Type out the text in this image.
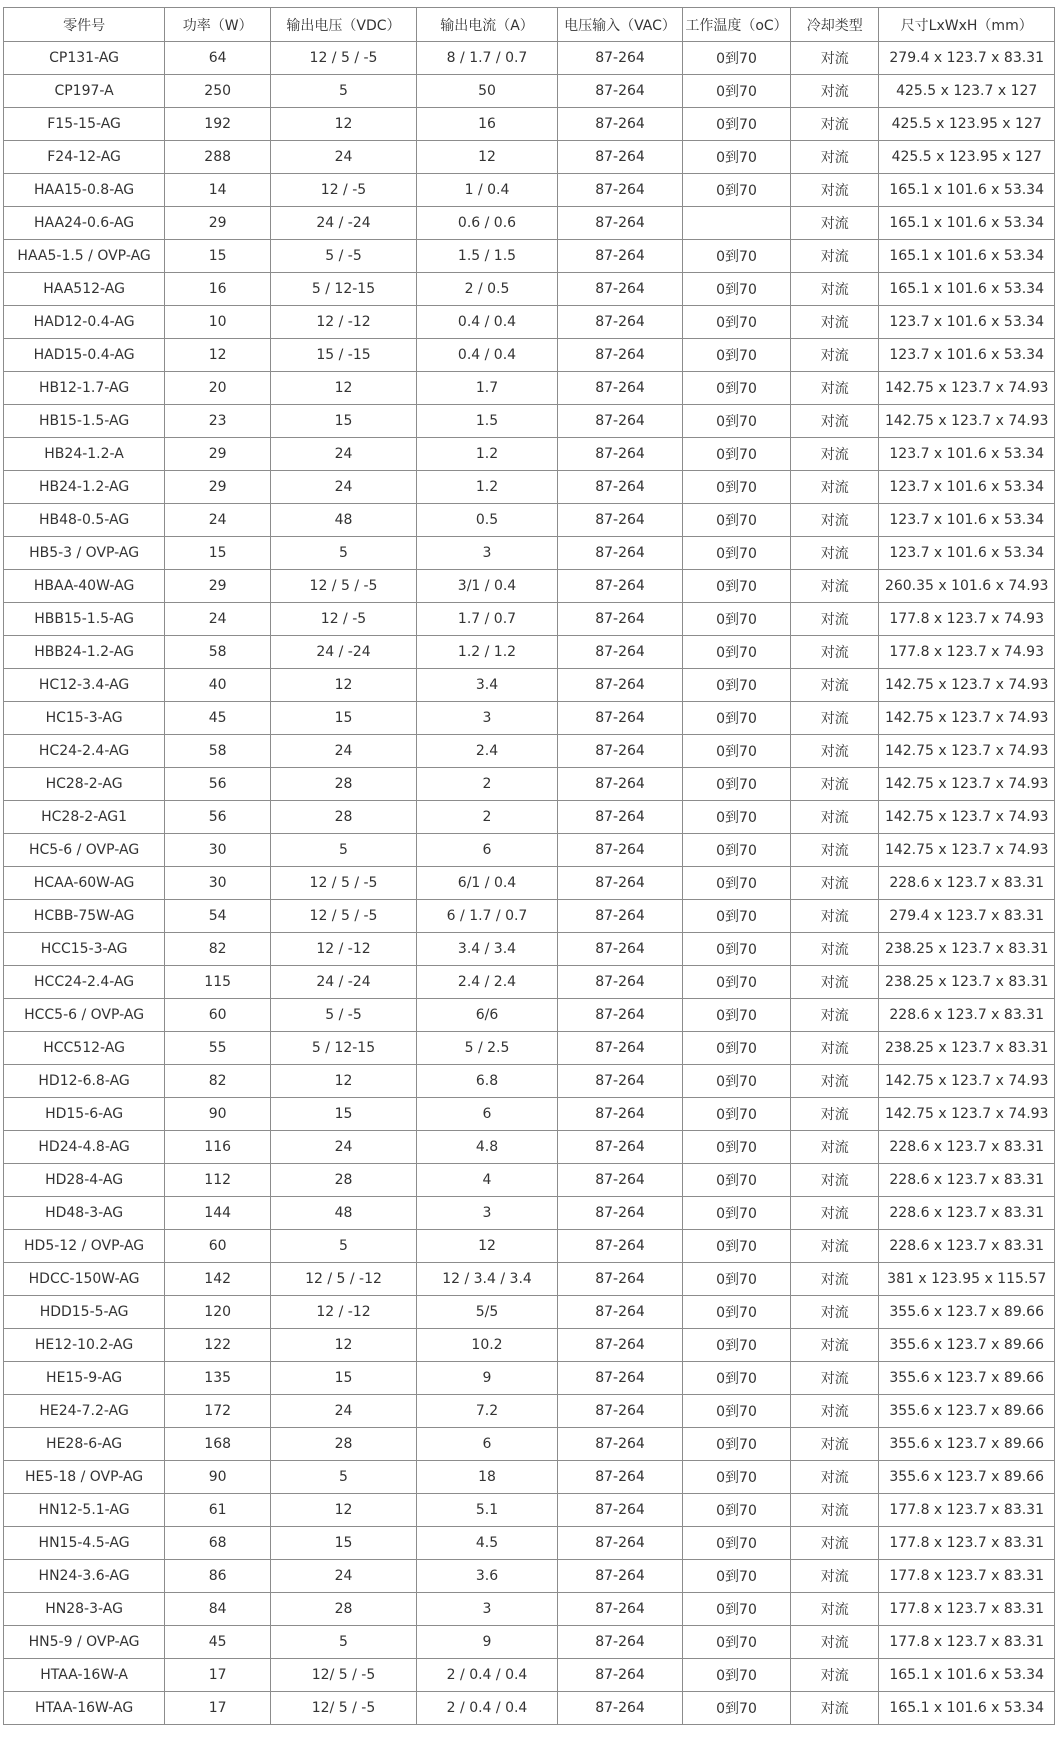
零件号	功率（W）	输出电压（VDC）	输出电流（A）	电压输入（VAC）	工作温度（oC）	冷却类型	尺寸LxWxH（mm）
CP131-AG	64	12 / 5 / -5	8 / 1.7 / 0.7	87-264	0到70	对流	279.4 x 123.7 x 83.31
CP197-A	250	5	50	87-264	0到70	对流	425.5 x 123.7 x 127
F15-15-AG	192	12	16	87-264	0到70	对流	425.5 x 123.95 x 127
F24-12-AG	288	24	12	87-264	0到70	对流	425.5 x 123.95 x 127
HAA15-0.8-AG	14	12 / -5	1 / 0.4	87-264	0到70	对流	165.1 x 101.6 x 53.34
HAA24-0.6-AG	29	24 / -24	0.6 / 0.6	87-264		对流	165.1 x 101.6 x 53.34
HAA5-1.5 / OVP-AG	15	5 / -5	1.5 / 1.5	87-264	0到70	对流	165.1 x 101.6 x 53.34
HAA512-AG	16	5 / 12-15	2 / 0.5	87-264	0到70	对流	165.1 x 101.6 x 53.34
HAD12-0.4-AG	10	12 / -12	0.4 / 0.4	87-264	0到70	对流	123.7 x 101.6 x 53.34
HAD15-0.4-AG	12	15 / -15	0.4 / 0.4	87-264	0到70	对流	123.7 x 101.6 x 53.34
HB12-1.7-AG	20	12	1.7	87-264	0到70	对流	142.75 x 123.7 x 74.93
HB15-1.5-AG	23	15	1.5	87-264	0到70	对流	142.75 x 123.7 x 74.93
HB24-1.2-A	29	24	1.2	87-264	0到70	对流	123.7 x 101.6 x 53.34
HB24-1.2-AG	29	24	1.2	87-264	0到70	对流	123.7 x 101.6 x 53.34
HB48-0.5-AG	24	48	0.5	87-264	0到70	对流	123.7 x 101.6 x 53.34
HB5-3 / OVP-AG	15	5	3	87-264	0到70	对流	123.7 x 101.6 x 53.34
HBAA-40W-AG	29	12 / 5 / -5	3/1 / 0.4	87-264	0到70	对流	260.35 x 101.6 x 74.93
HBB15-1.5-AG	24	12 / -5	1.7 / 0.7	87-264	0到70	对流	177.8 x 123.7 x 74.93
HBB24-1.2-AG	58	24 / -24	1.2 / 1.2	87-264	0到70	对流	177.8 x 123.7 x 74.93
HC12-3.4-AG	40	12	3.4	87-264	0到70	对流	142.75 x 123.7 x 74.93
HC15-3-AG	45	15	3	87-264	0到70	对流	142.75 x 123.7 x 74.93
HC24-2.4-AG	58	24	2.4	87-264	0到70	对流	142.75 x 123.7 x 74.93
HC28-2-AG	56	28	2	87-264	0到70	对流	142.75 x 123.7 x 74.93
HC28-2-AG1	56	28	2	87-264	0到70	对流	142.75 x 123.7 x 74.93
HC5-6 / OVP-AG	30	5	6	87-264	0到70	对流	142.75 x 123.7 x 74.93
HCAA-60W-AG	30	12 / 5 / -5	6/1 / 0.4	87-264	0到70	对流	228.6 x 123.7 x 83.31
HCBB-75W-AG	54	12 / 5 / -5	6 / 1.7 / 0.7	87-264	0到70	对流	279.4 x 123.7 x 83.31
HCC15-3-AG	82	12 / -12	3.4 / 3.4	87-264	0到70	对流	238.25 x 123.7 x 83.31
HCC24-2.4-AG	115	24 / -24	2.4 / 2.4	87-264	0到70	对流	238.25 x 123.7 x 83.31
HCC5-6 / OVP-AG	60	5 / -5	6/6	87-264	0到70	对流	228.6 x 123.7 x 83.31
HCC512-AG	55	5 / 12-15	5 / 2.5	87-264	0到70	对流	238.25 x 123.7 x 83.31
HD12-6.8-AG	82	12	6.8	87-264	0到70	对流	142.75 x 123.7 x 74.93
HD15-6-AG	90	15	6	87-264	0到70	对流	142.75 x 123.7 x 74.93
HD24-4.8-AG	116	24	4.8	87-264	0到70	对流	228.6 x 123.7 x 83.31
HD28-4-AG	112	28	4	87-264	0到70	对流	228.6 x 123.7 x 83.31
HD48-3-AG	144	48	3	87-264	0到70	对流	228.6 x 123.7 x 83.31
HD5-12 / OVP-AG	60	5	12	87-264	0到70	对流	228.6 x 123.7 x 83.31
HDCC-150W-AG	142	12 / 5 / -12	12 / 3.4 / 3.4	87-264	0到70	对流	381 x 123.95 x 115.57
HDD15-5-AG	120	12 / -12	5/5	87-264	0到70	对流	355.6 x 123.7 x 89.66
HE12-10.2-AG	122	12	10.2	87-264	0到70	对流	355.6 x 123.7 x 89.66
HE15-9-AG	135	15	9	87-264	0到70	对流	355.6 x 123.7 x 89.66
HE24-7.2-AG	172	24	7.2	87-264	0到70	对流	355.6 x 123.7 x 89.66
HE28-6-AG	168	28	6	87-264	0到70	对流	355.6 x 123.7 x 89.66
HE5-18 / OVP-AG	90	5	18	87-264	0到70	对流	355.6 x 123.7 x 89.66
HN12-5.1-AG	61	12	5.1	87-264	0到70	对流	177.8 x 123.7 x 83.31
HN15-4.5-AG	68	15	4.5	87-264	0到70	对流	177.8 x 123.7 x 83.31
HN24-3.6-AG	86	24	3.6	87-264	0到70	对流	177.8 x 123.7 x 83.31
HN28-3-AG	84	28	3	87-264	0到70	对流	177.8 x 123.7 x 83.31
HN5-9 / OVP-AG	45	5	9	87-264	0到70	对流	177.8 x 123.7 x 83.31
HTAA-16W-A	17	12/ 5 / -5	2 / 0.4 / 0.4	87-264	0到70	对流	165.1 x 101.6 x 53.34
HTAA-16W-AG	17	12/ 5 / -5	2 / 0.4 / 0.4	87-264	0到70	对流	165.1 x 101.6 x 53.34
